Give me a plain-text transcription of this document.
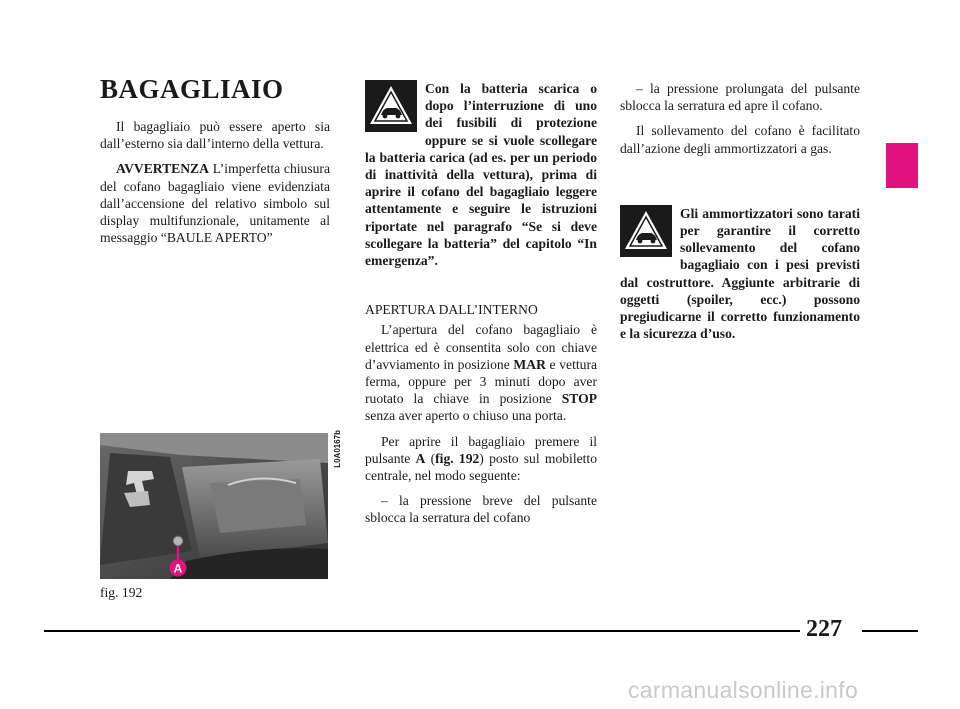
BAGAGLIAIO

Il bagagliaio può essere aperto sia dall’esterno sia dall’interno della vettura.

AVVERTENZA L’imperfetta chiusura del cofano bagagliaio viene evidenziata dall’accensione del relativo simbolo sul display multifunzionale, unitamente al messaggio “BAULE APERTO”

Con la batteria scarica o dopo l’interruzione di uno dei fusibili di protezione oppure se si vuole scollegare la batteria carica (ad es. per un periodo di inattività della vettura), prima di aprire il cofano del bagagliaio leggere attentamente e seguire le istruzioni riportate nel paragrafo “Se si deve scollegare la batteria” del capitolo “In emergenza”.

APERTURA DALL’INTERNO

L’apertura del cofano bagagliaio è elettrica ed è consentita solo con chiave d’avviamento in posizione MAR e vettura ferma, oppure per 3 minuti dopo aver ruotato la chiave in posizione STOP senza aver aperto o chiuso una porta.

Per aprire il bagagliaio premere il pulsante A (fig. 192) posto sul mobiletto centrale, nel modo seguente:

– la pressione breve del pulsante sblocca la serratura del cofano

– la pressione prolungata del pulsante sblocca la serratura ed apre il cofano.

Il sollevamento del cofano è facilitato dall’azione degli ammortizzatori a gas.

Gli ammortizzatori sono tarati per garantire il corretto sollevamento del cofano bagagliaio con i pesi previsti dal costruttore. Aggiunte arbitrarie di oggetti (spoiler, ecc.) possono pregiudicarne il corretto funzionamento e la sicurezza d’uso.
A
L0A0167b
fig. 192
227
carmanualsonline.info
